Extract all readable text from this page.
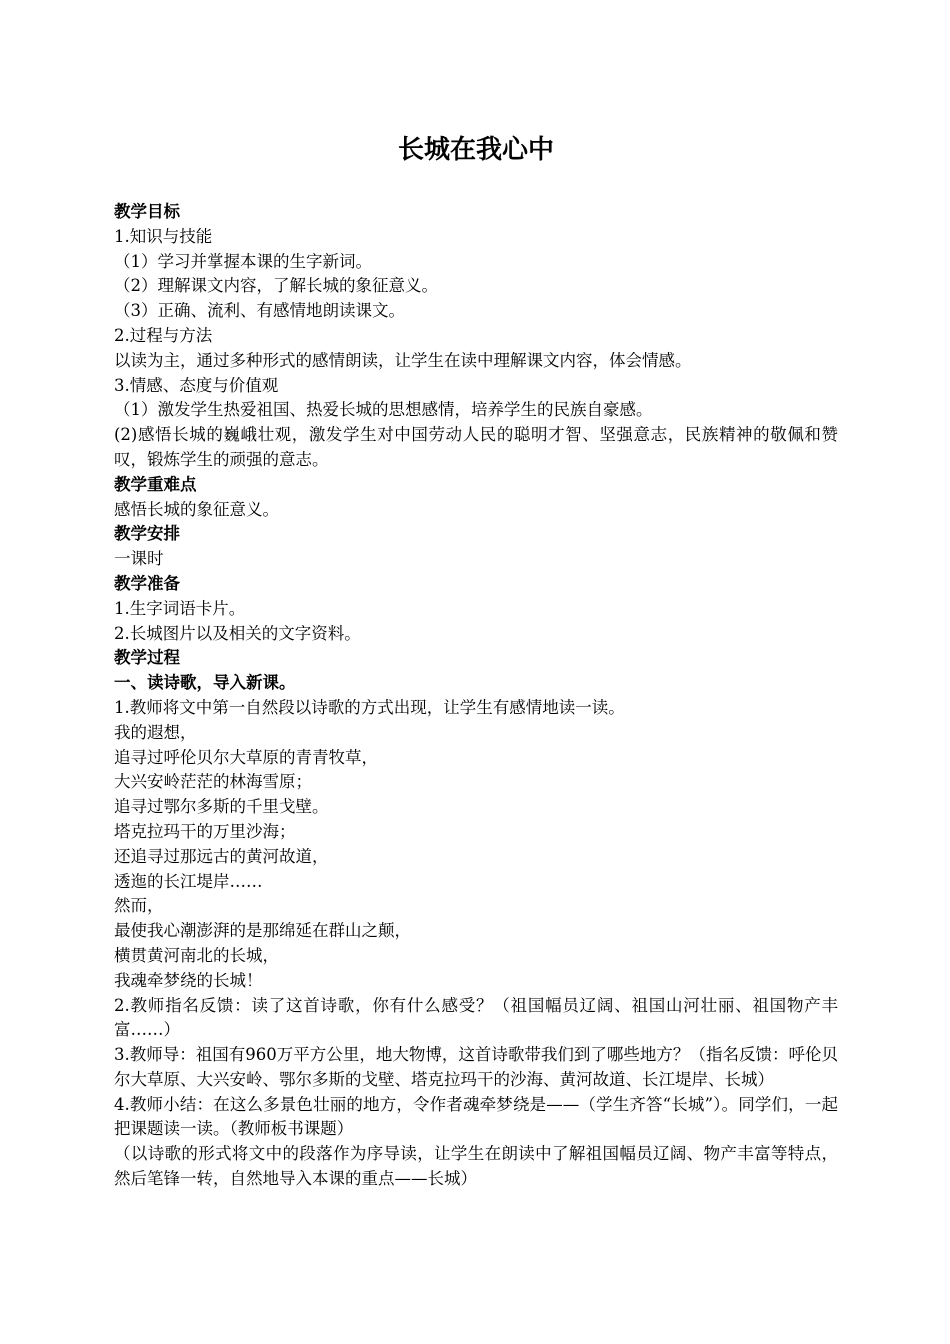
长城在我心中

教学目标

1.知识与技能

（1）学习并掌握本课的生字新词。

（2）理解课文内容，了解长城的象征意义。

（3）正确、流利、有感情地朗读课文。

2.过程与方法

以读为主，通过多种形式的感情朗读，让学生在读中理解课文内容，体会情感。

3.情感、态度与价值观

（1）激发学生热爱祖国、热爱长城的思想感情，培养学生的民族自豪感。

(2)感悟长城的巍峨壮观，激发学生对中国劳动人民的聪明才智、坚强意志，民族精神的敬佩和赞叹，锻炼学生的顽强的意志。

教学重难点

感悟长城的象征意义。

教学安排

一课时

教学准备

1.生字词语卡片。

2.长城图片以及相关的文字资料。

教学过程

一、读诗歌，导入新课。

1.教师将文中第一自然段以诗歌的方式出现，让学生有感情地读一读。

我的遐想，

追寻过呼伦贝尔大草原的青青牧草，

大兴安岭茫茫的林海雪原；

追寻过鄂尔多斯的千里戈壁。

塔克拉玛干的万里沙海；

还追寻过那远古的黄河故道，

透迤的长江堤岸……

然而，

最使我心潮澎湃的是那绵延在群山之颠，

横贯黄河南北的长城，

我魂牵梦绕的长城！

2.教师指名反馈：读了这首诗歌，你有什么感受？（祖国幅员辽阔、祖国山河壮丽、祖国物产丰富……）

3.教师导：祖国有960万平方公里，地大物博，这首诗歌带我们到了哪些地方？（指名反馈：呼伦贝尔大草原、大兴安岭、鄂尔多斯的戈壁、塔克拉玛干的沙海、黄河故道、长江堤岸、长城）

4.教师小结：在这么多景色壮丽的地方，令作者魂牵梦绕是——（学生齐答“长城”）。同学们，一起把课题读一读。（教师板书课题）

（以诗歌的形式将文中的段落作为序导读，让学生在朗读中了解祖国幅员辽阔、物产丰富等特点，然后笔锋一转，自然地导入本课的重点——长城）
